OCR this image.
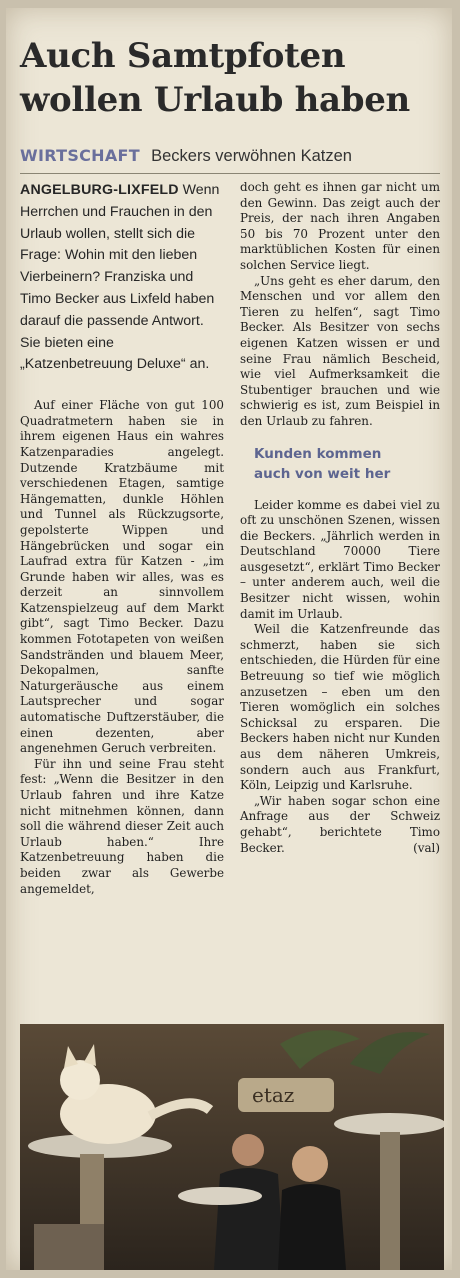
Auch Samtpfoten
wollen Urlaub haben
WIRTSCHAFT Beckers verwöhnen Katzen
ANGELBURG-LIXFELD Wenn Herrchen und Frauchen in den Urlaub wollen, stellt sich die Frage: Wohin mit den lieben Vierbeinern? Franziska und Timo Becker aus Lixfeld haben darauf die passende Antwort. Sie bieten eine „Katzenbetreuung Deluxe“ an.

Auf einer Fläche von gut 100 Quadratmetern haben sie in ihrem eigenen Haus ein wahres Katzenparadies angelegt. Dutzende Kratzbäume mit verschiedenen Etagen, samtige Hängematten, dunkle Höhlen und Tunnel als Rückzugsorte, gepolsterte Wippen und Hängebrücken und sogar ein Laufrad extra für Katzen - „im Grunde haben wir alles, was es derzeit an sinnvollem Katzenspielzeug auf dem Markt gibt“, sagt Timo Becker. Dazu kommen Fototapeten von weißen Sandstränden und blauem Meer, Dekopalmen, sanfte Naturgeräusche aus einem Lautsprecher und sogar automatische Duftzerstäuber, die einen dezenten, aber angenehmen Geruch verbreiten.

Für ihn und seine Frau steht fest: „Wenn die Besitzer in den Urlaub fahren und ihre Katze nicht mitnehmen können, dann soll die während dieser Zeit auch Urlaub haben.“ Ihre Katzenbetreuung haben die beiden zwar als Gewerbe angemeldet,

doch geht es ihnen gar nicht um den Gewinn. Das zeigt auch der Preis, der nach ihren Angaben 50 bis 70 Prozent unter den marktüblichen Kosten für einen solchen Service liegt.

„Uns geht es eher darum, den Menschen und vor allem den Tieren zu helfen“, sagt Timo Becker. Als Besitzer von sechs eigenen Katzen wissen er und seine Frau nämlich Bescheid, wie viel Aufmerksamkeit die Stubentiger brauchen und wie schwierig es ist, zum Beispiel in den Urlaub zu fahren.

Kunden kommen
auch von weit her

Leider komme es dabei viel zu oft zu unschönen Szenen, wissen die Beckers. „Jährlich werden in Deutschland 70000 Tiere ausgesetzt“, erklärt Timo Becker – unter anderem auch, weil die Besitzer nicht wissen, wohin damit im Urlaub.

Weil die Katzenfreunde das schmerzt, haben sie sich entschieden, die Hürden für eine Betreuung so tief wie möglich anzusetzen – eben um den Tieren womöglich ein solches Schicksal zu ersparen. Die Beckers haben nicht nur Kunden aus dem näheren Umkreis, sondern auch aus Frankfurt, Köln, Leipzig und Karlsruhe.

„Wir haben sogar schon eine Anfrage aus der Schweiz gehabt“, berichtete Timo Becker.	(val)

etaz
